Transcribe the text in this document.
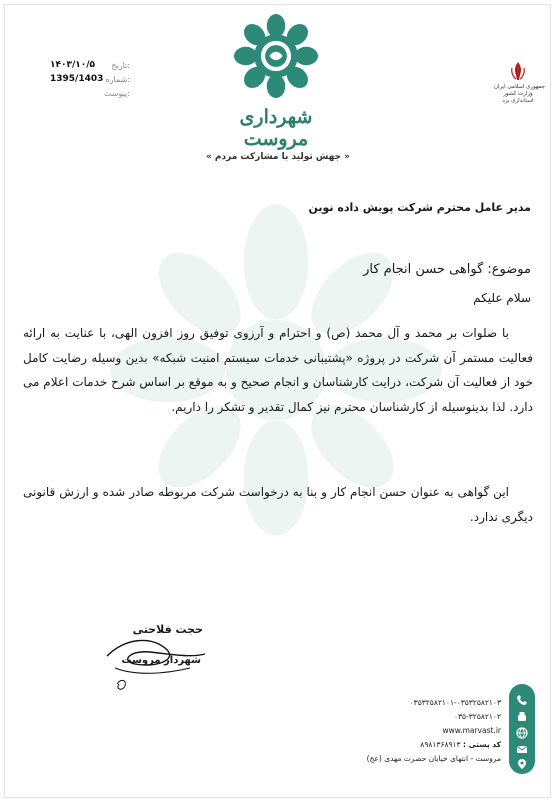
شهرداری مروست
« جهش تولید با مشارکت مردم »
۱۴۰۳/۱۰/۵ تاریخ:
1395/1403 شماره:
پیوست:
جمهوری اسلامی ایران
وزارت کشور
استانداری یزد
مدیر عامل محترم شرکت پویش داده نوین
موضوع: گواهی حسن انجام کار
سلام علیکم
با صلوات بر محمد و آل محمد (ص) و احترام و آرزوی توفیق روز افزون الهی، با عنایت به ارائه فعالیت مستمر آن شرکت در پروژه «پشتیبانی خدمات سیستم امنیت شبکه» بدین وسیله رضایت کامل خود از فعالیت آن شرکت، درایت کارشناسان و انجام صحیح و به موقع بر اساس شرح خدمات اعلام می دارد. لذا بدینوسیله از کارشناسان محترم نیز کمال تقدیر و تشکر را داریم.
این گواهی به عنوان حسن انجام کار و بنا به درخواست شرکت مربوطه صادر شده و ارزش قانونی دیگری ندارد.
حجت فلاحتی
شهردار مروست
۰۳۵۳۲۵۸۲۱۰۱-۰۳۵۳۲۵۸۲۱۰۳
۰۳۵-۳۲۵۸۲۱۰۲
www.marvast.ir
کد پستی : ۸۹۸۱۳۶۸۹۱۳
مروست - انتهای خیابان حضرت مهدی (عج)
